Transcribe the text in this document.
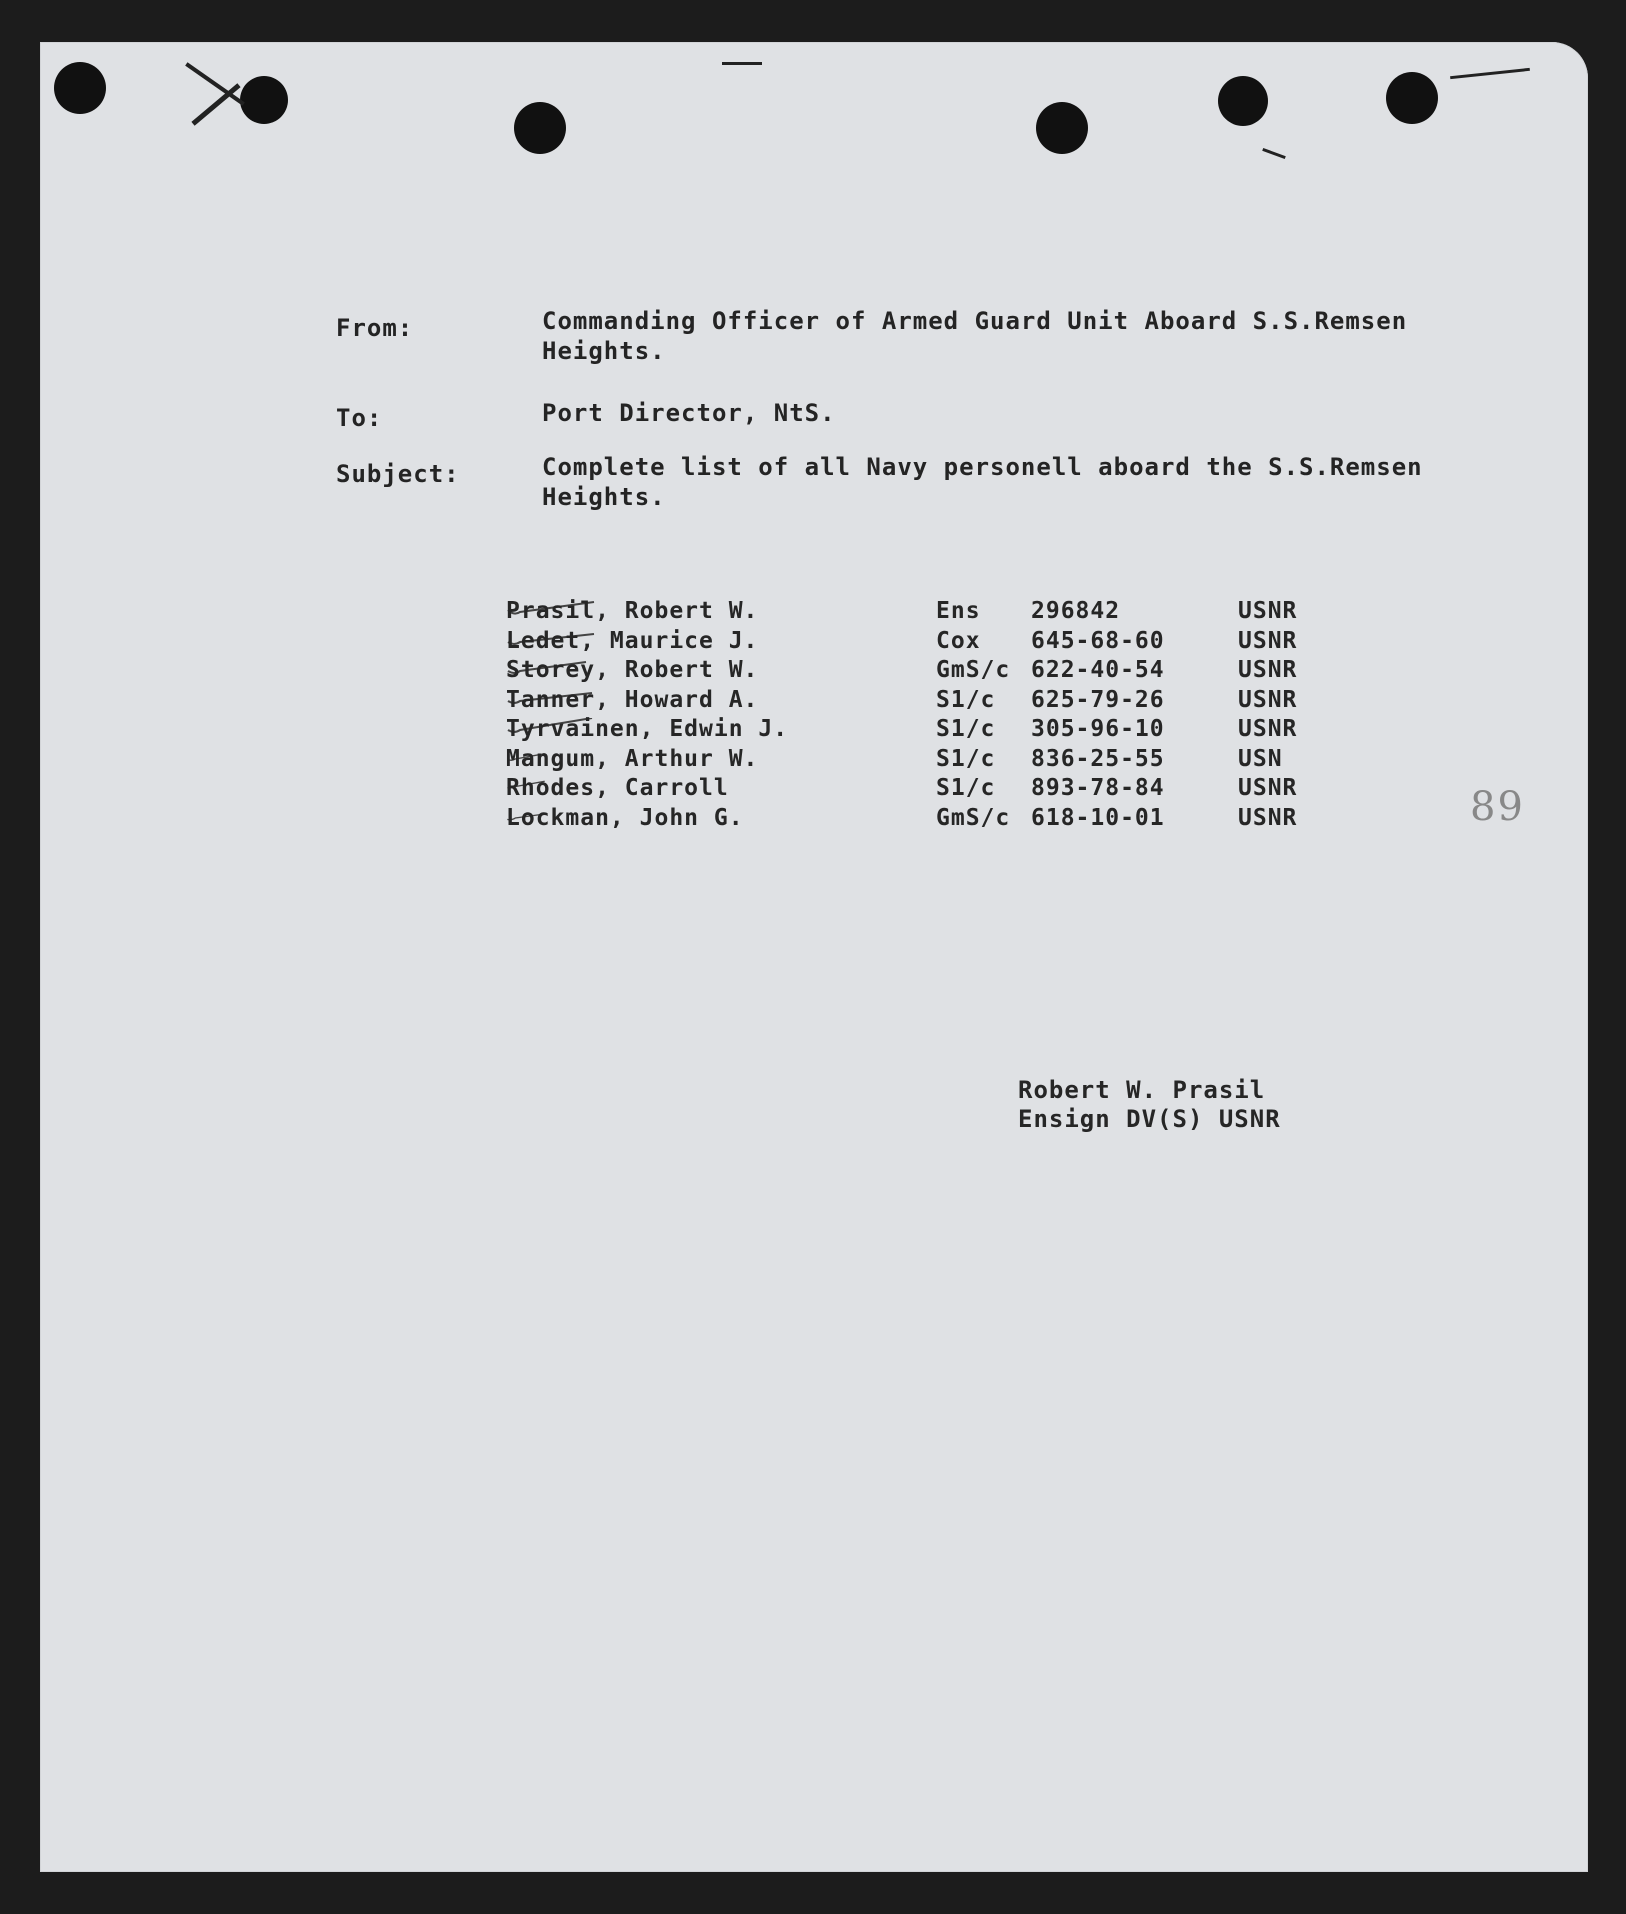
From:	Commanding Officer of Armed Guard Unit Aboard S.S.Remsen Heights.
To:	Port Director, NtS.
Subject:	Complete list of all Navy personell aboard the S.S.Remsen Heights.
Prasil, Robert W.	Ens 296842	USNR
Ledet, Maurice J.	Cox 645-68-60	USNR
Storey, Robert W.	GmS/c 622-40-54	USNR
Tanner, Howard A.	S1/c 625-79-26	USNR
Tyrvainen, Edwin J.	S1/c 305-96-10	USNR
Mangum, Arthur W.	S1/c 836-25-55	USN
Rhodes, Carroll	S1/c 893-78-84	USNR
Lockman, John G.	GmS/c 618-10-01	USNR	89
Robert W. Prasil
Ensign DV(S) USNR
